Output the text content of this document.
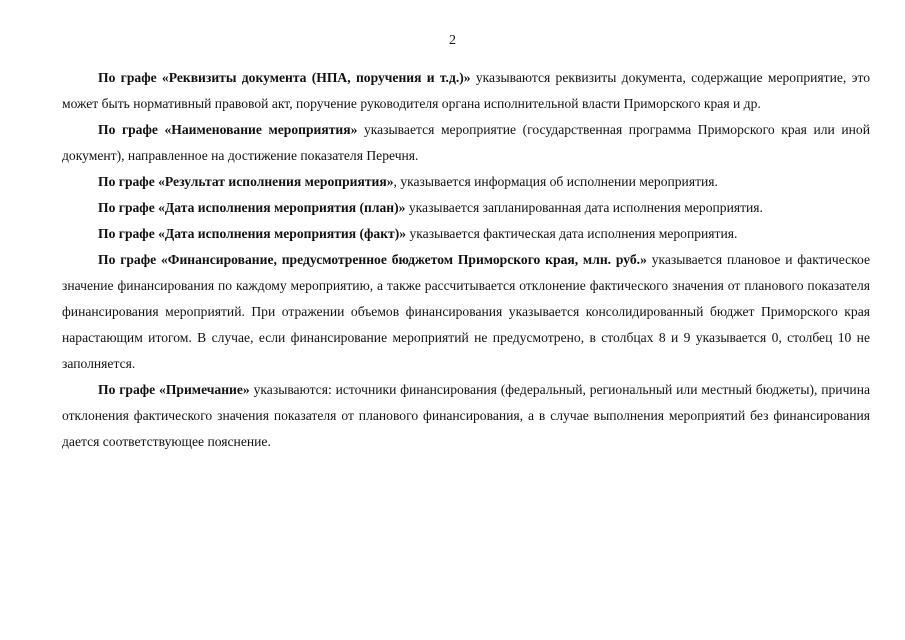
2

По графе «Реквизиты документа (НПА, поручения и т.д.)» указываются реквизиты документа, содержащие мероприятие, это может быть нормативный правовой акт, поручение руководителя органа исполнительной власти Приморского края и др.

По графе «Наименование мероприятия» указывается мероприятие (государственная программа Приморского края или иной документ), направленное на достижение показателя Перечня.

По графе «Результат исполнения мероприятия», указывается информация об исполнении мероприятия.

По графе «Дата исполнения мероприятия (план)» указывается запланированная дата исполнения мероприятия.

По графе «Дата исполнения мероприятия (факт)» указывается фактическая дата исполнения мероприятия.

По графе «Финансирование, предусмотренное бюджетом Приморского края, млн. руб.» указывается плановое и фактическое значение финансирования по каждому мероприятию, а также рассчитывается отклонение фактического значения от планового показателя финансирования мероприятий. При отражении объемов финансирования указывается консолидированный бюджет Приморского края нарастающим итогом. В случае, если финансирование мероприятий не предусмотрено, в столбцах 8 и 9 указывается 0, столбец 10 не заполняется.

По графе «Примечание» указываются: источники финансирования (федеральный, региональный или местный бюджеты), причина отклонения фактического значения показателя от планового финансирования, а в случае выполнения мероприятий без финансирования дается соответствующее пояснение.
